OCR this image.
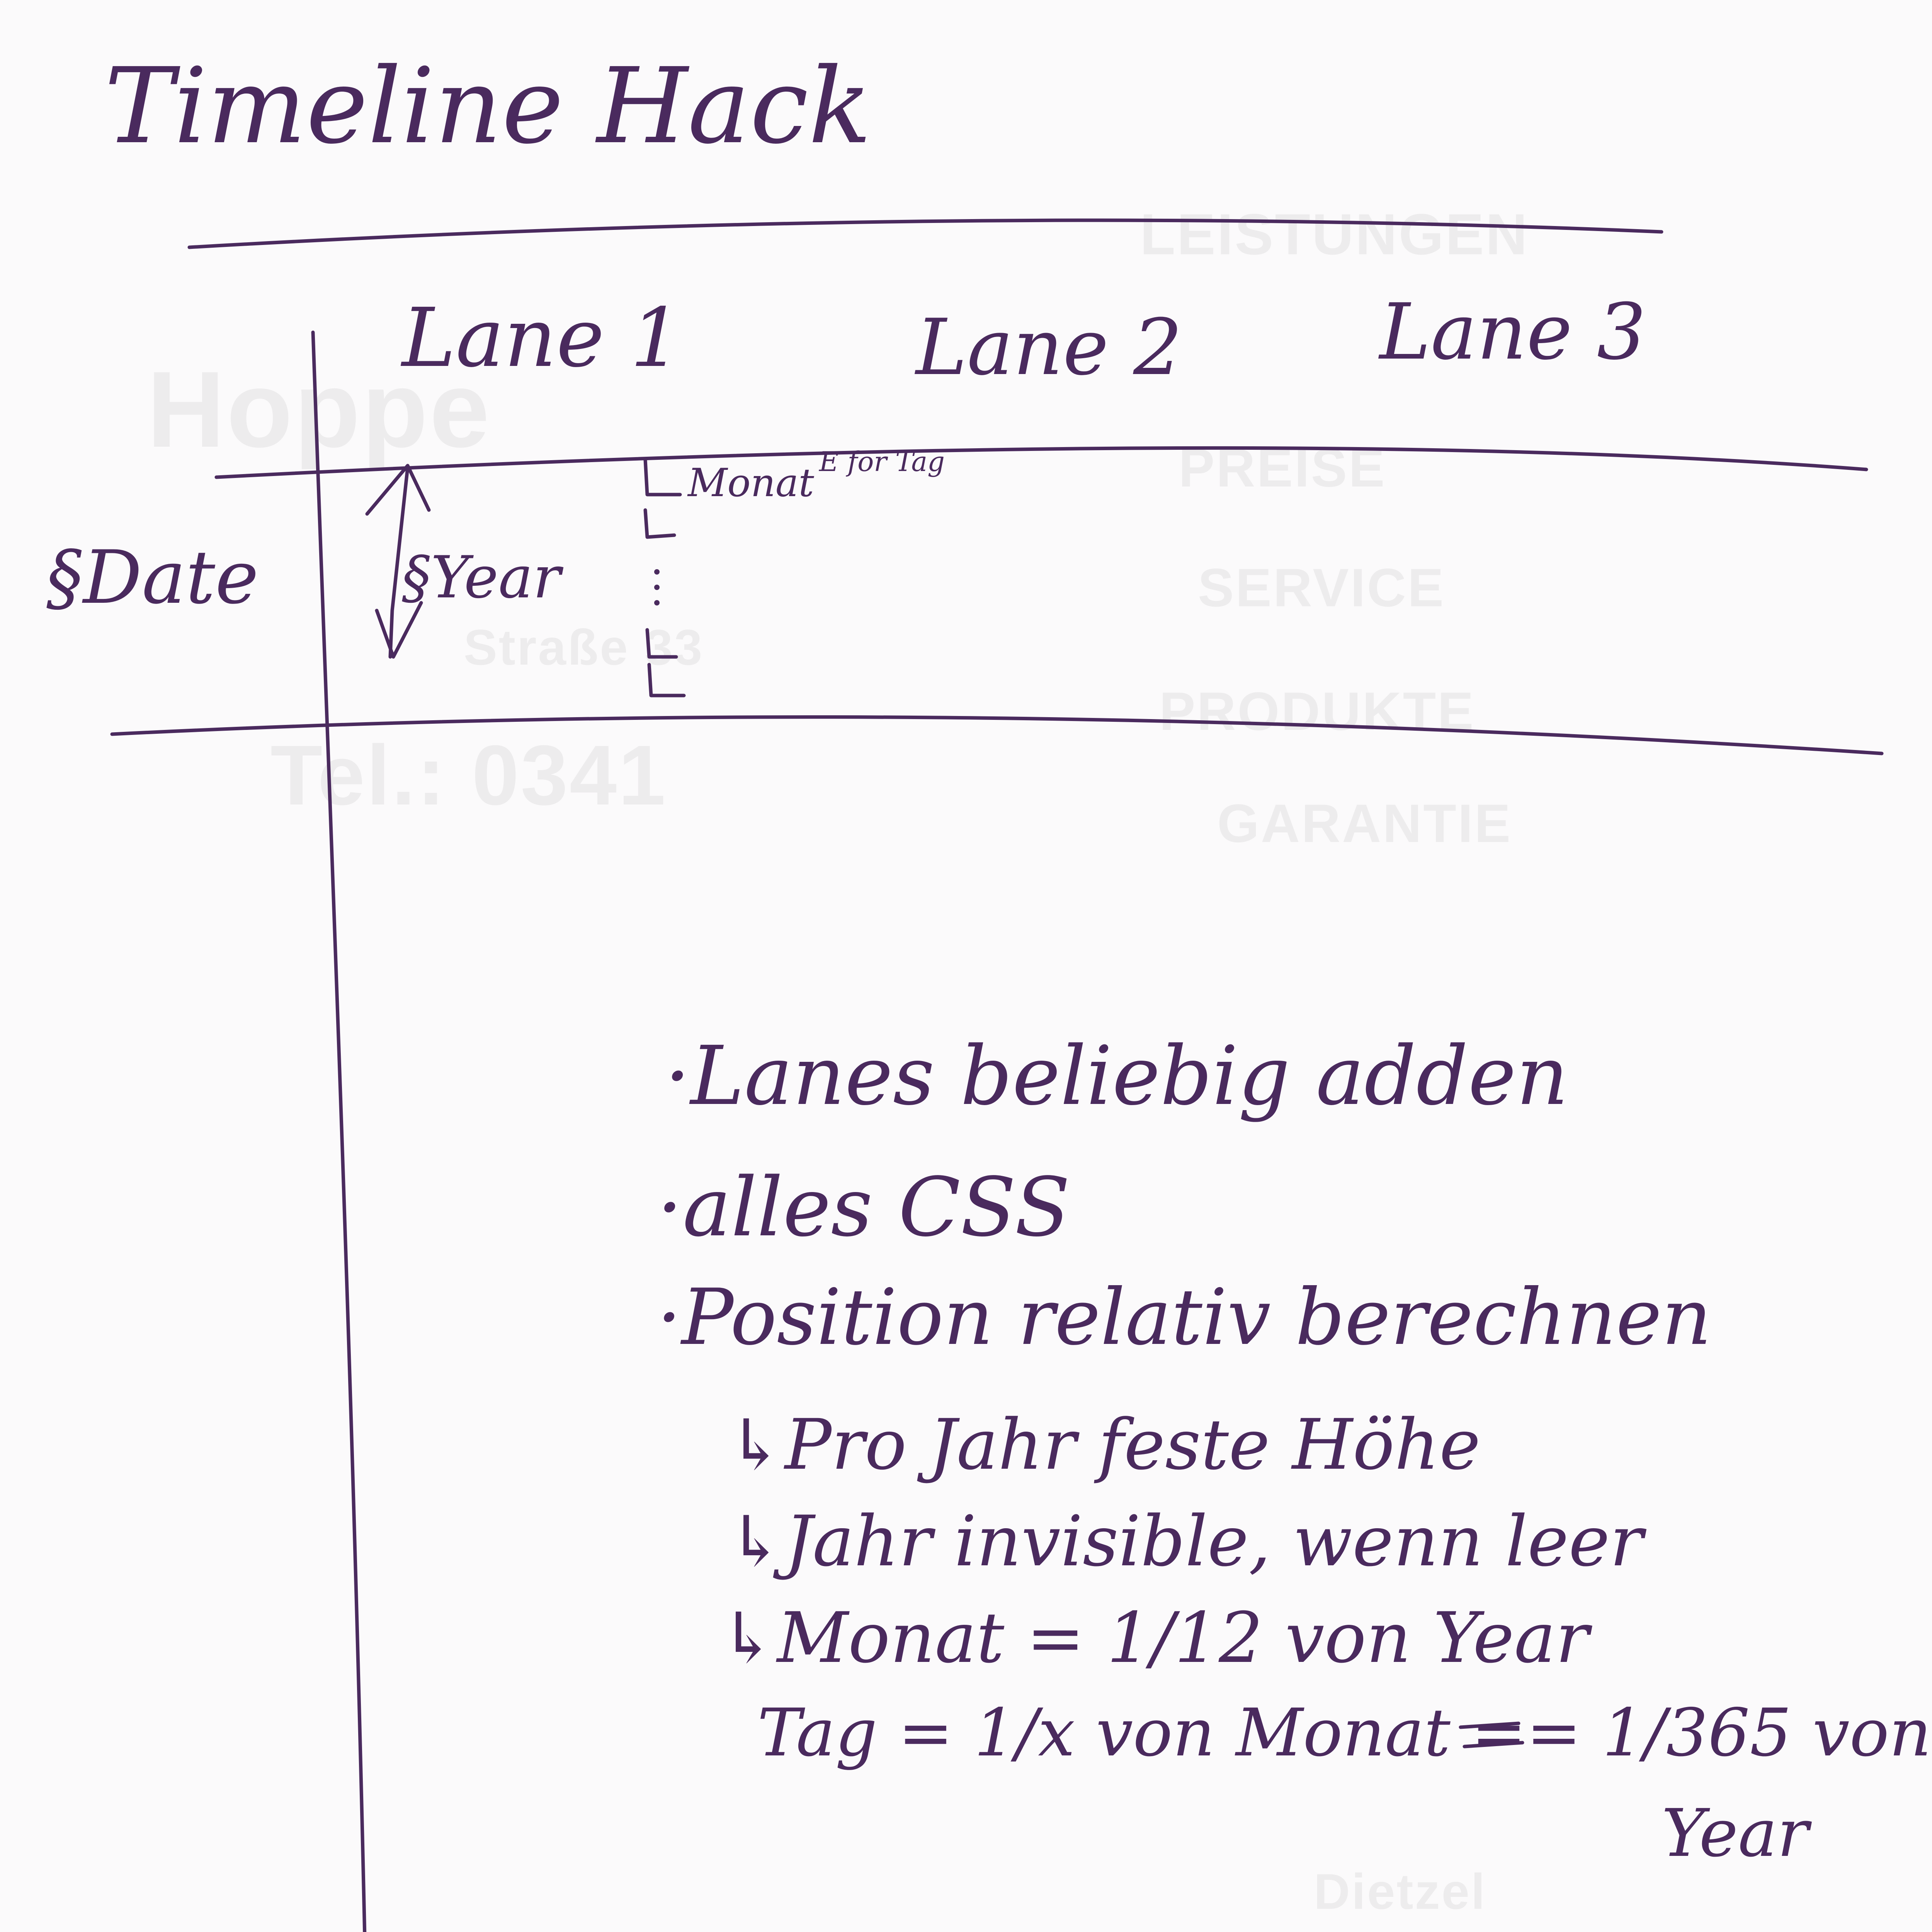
LEISTUNGEN
Hoppe	PREISE
SERVICE
Straße 33
PRODUKTE
Tel.: 0341
GARANTIE
Dietzel
Timeline Hack
Lane 1	Lane 2	Lane 3
§Date §Year
Monat E for Tag
·Lanes beliebig adden
·alles CSS
·Position relativ berechnen
↳Pro Jahr feste Höhe
↳Jahr invisible, wenn leer
↳Monat = 1/12 von Year
Tag = 1/x von Monat == 1/365 von
Year
